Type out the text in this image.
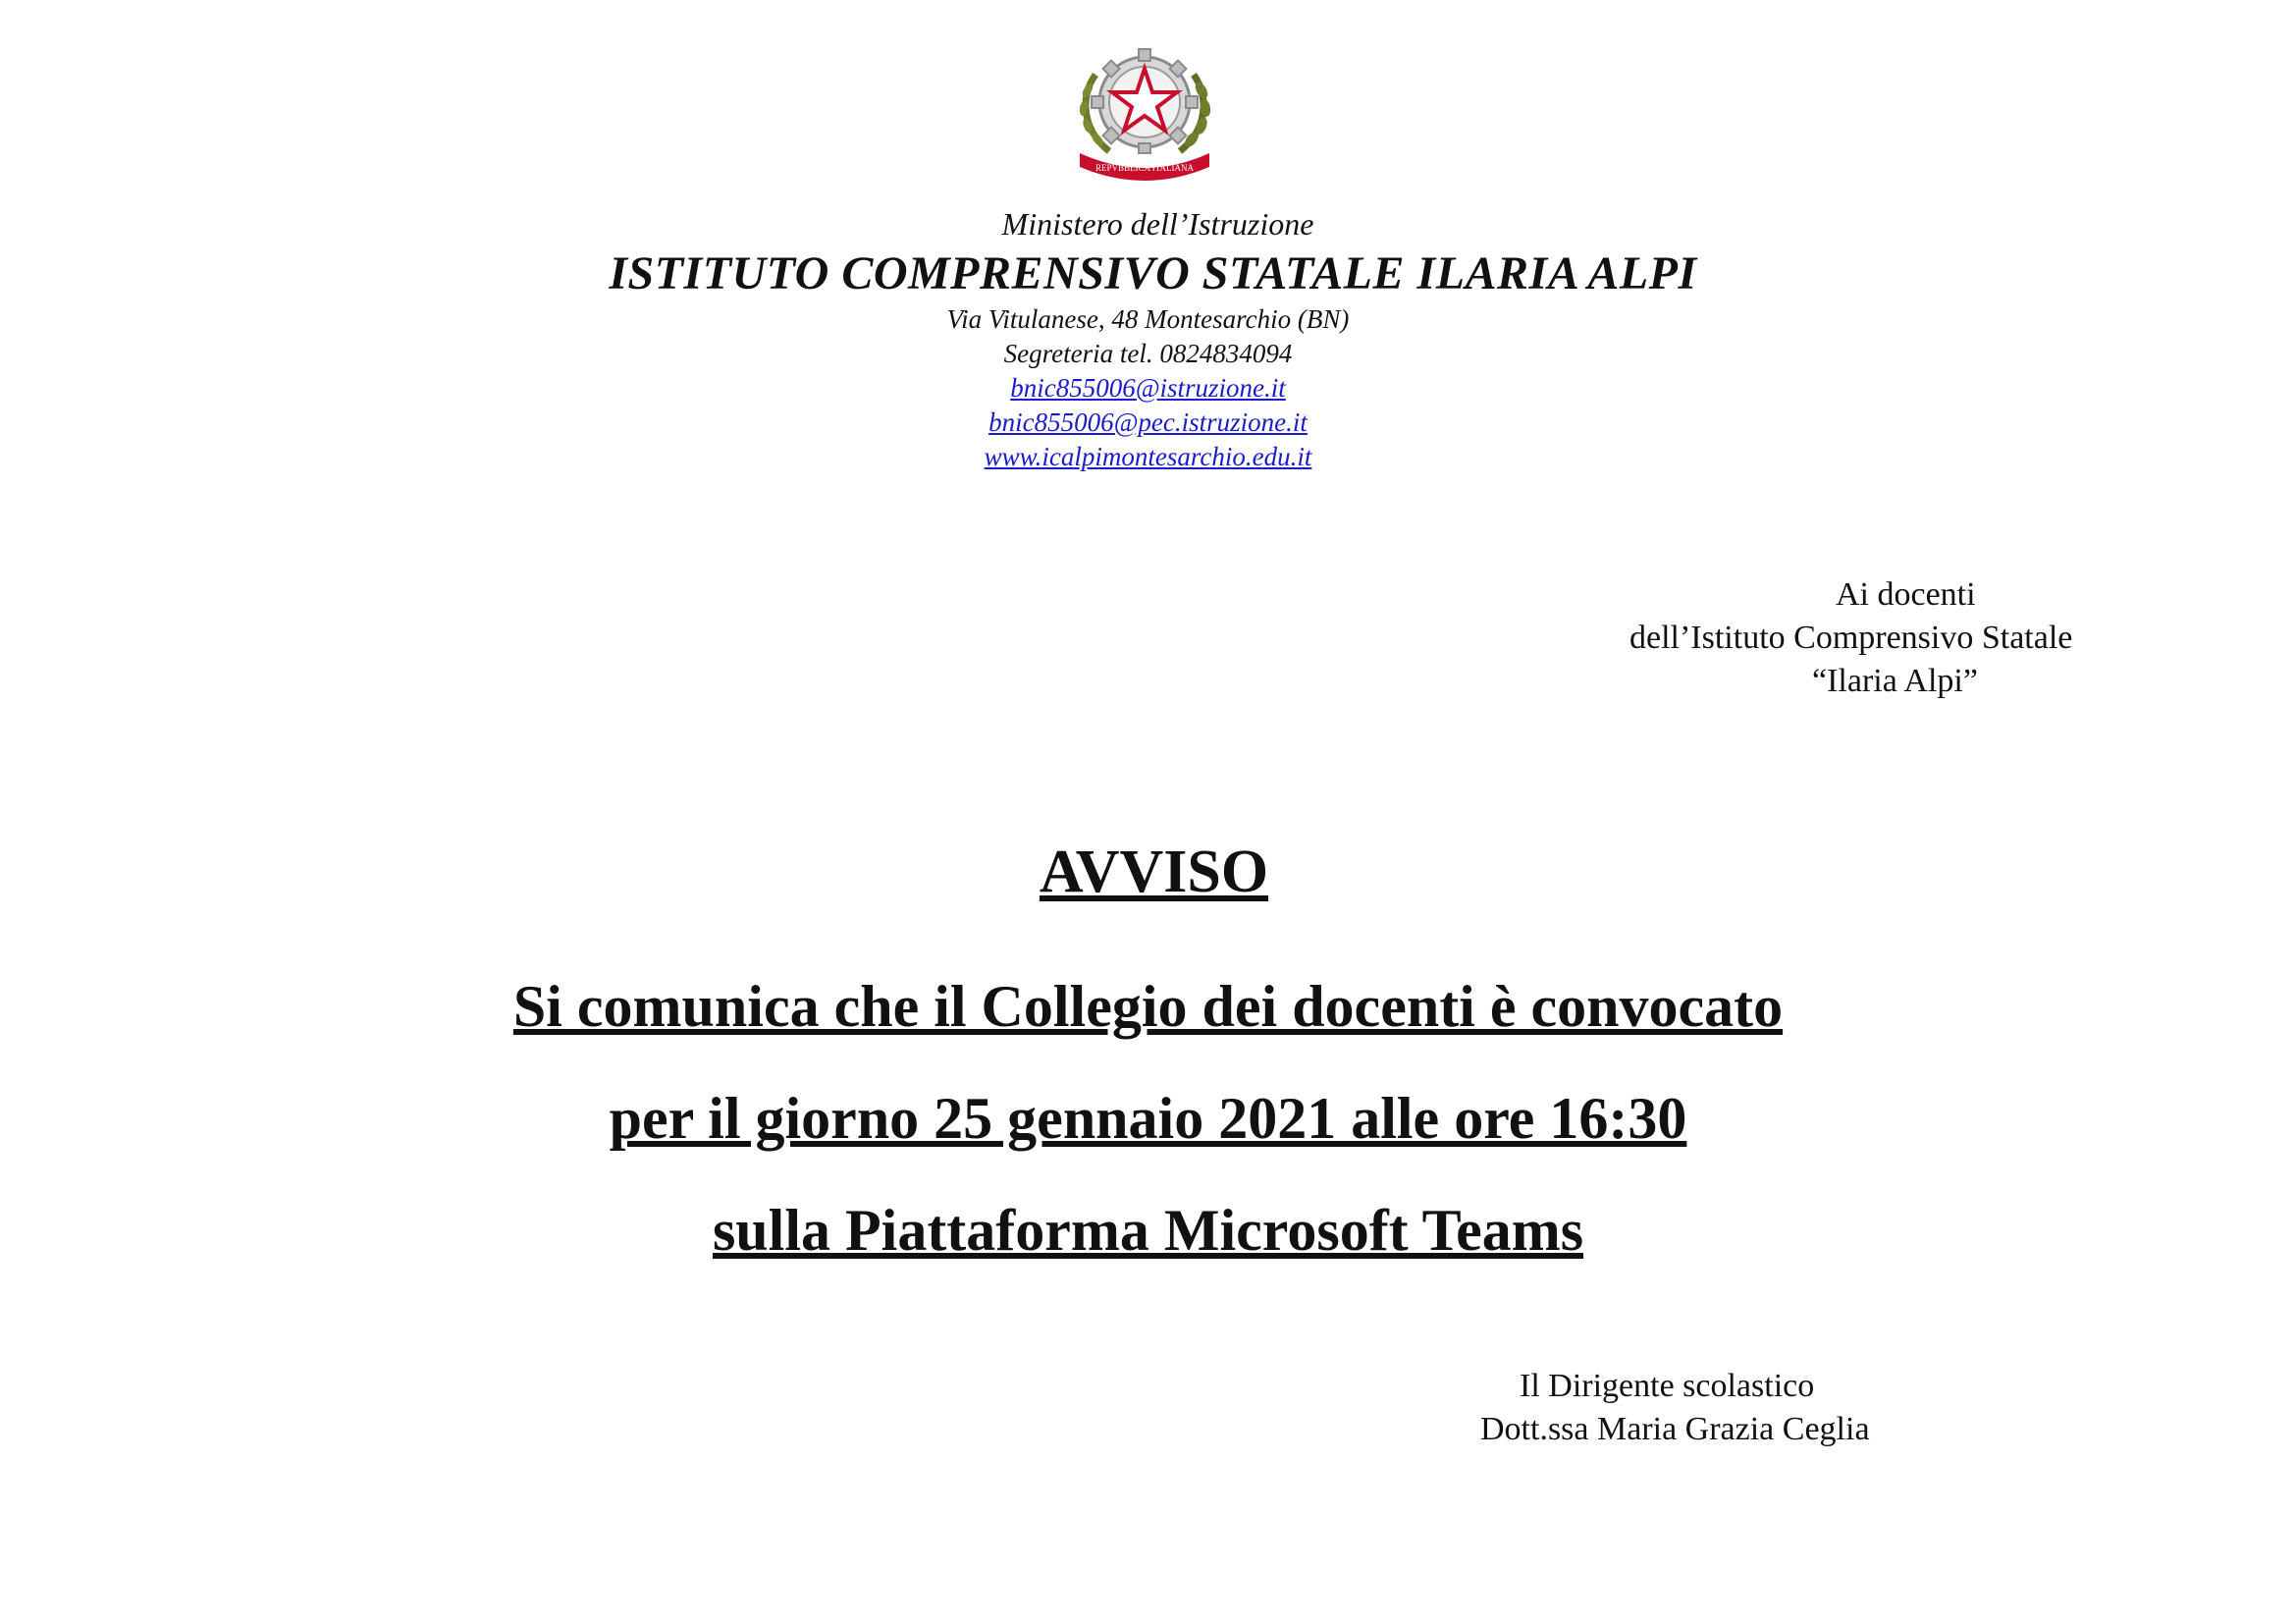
REPVBBLICA ITALIANA
Ministero dell’Istruzione
ISTITUTO COMPRENSIVO STATALE ILARIA ALPI
Via Vitulanese, 48 Montesarchio (BN)
Segreteria tel. 0824834094
bnic855006@istruzione.it
bnic855006@pec.istruzione.it
www.icalpimontesarchio.edu.it
Ai docenti
dell’Istituto Comprensivo Statale
“Ilaria Alpi”
AVVISO
Si comunica che il Collegio dei docenti è convocato
per il giorno 25 gennaio 2021 alle ore 16:30
sulla Piattaforma Microsoft Teams
Il Dirigente scolastico
Dott.ssa Maria Grazia Ceglia
